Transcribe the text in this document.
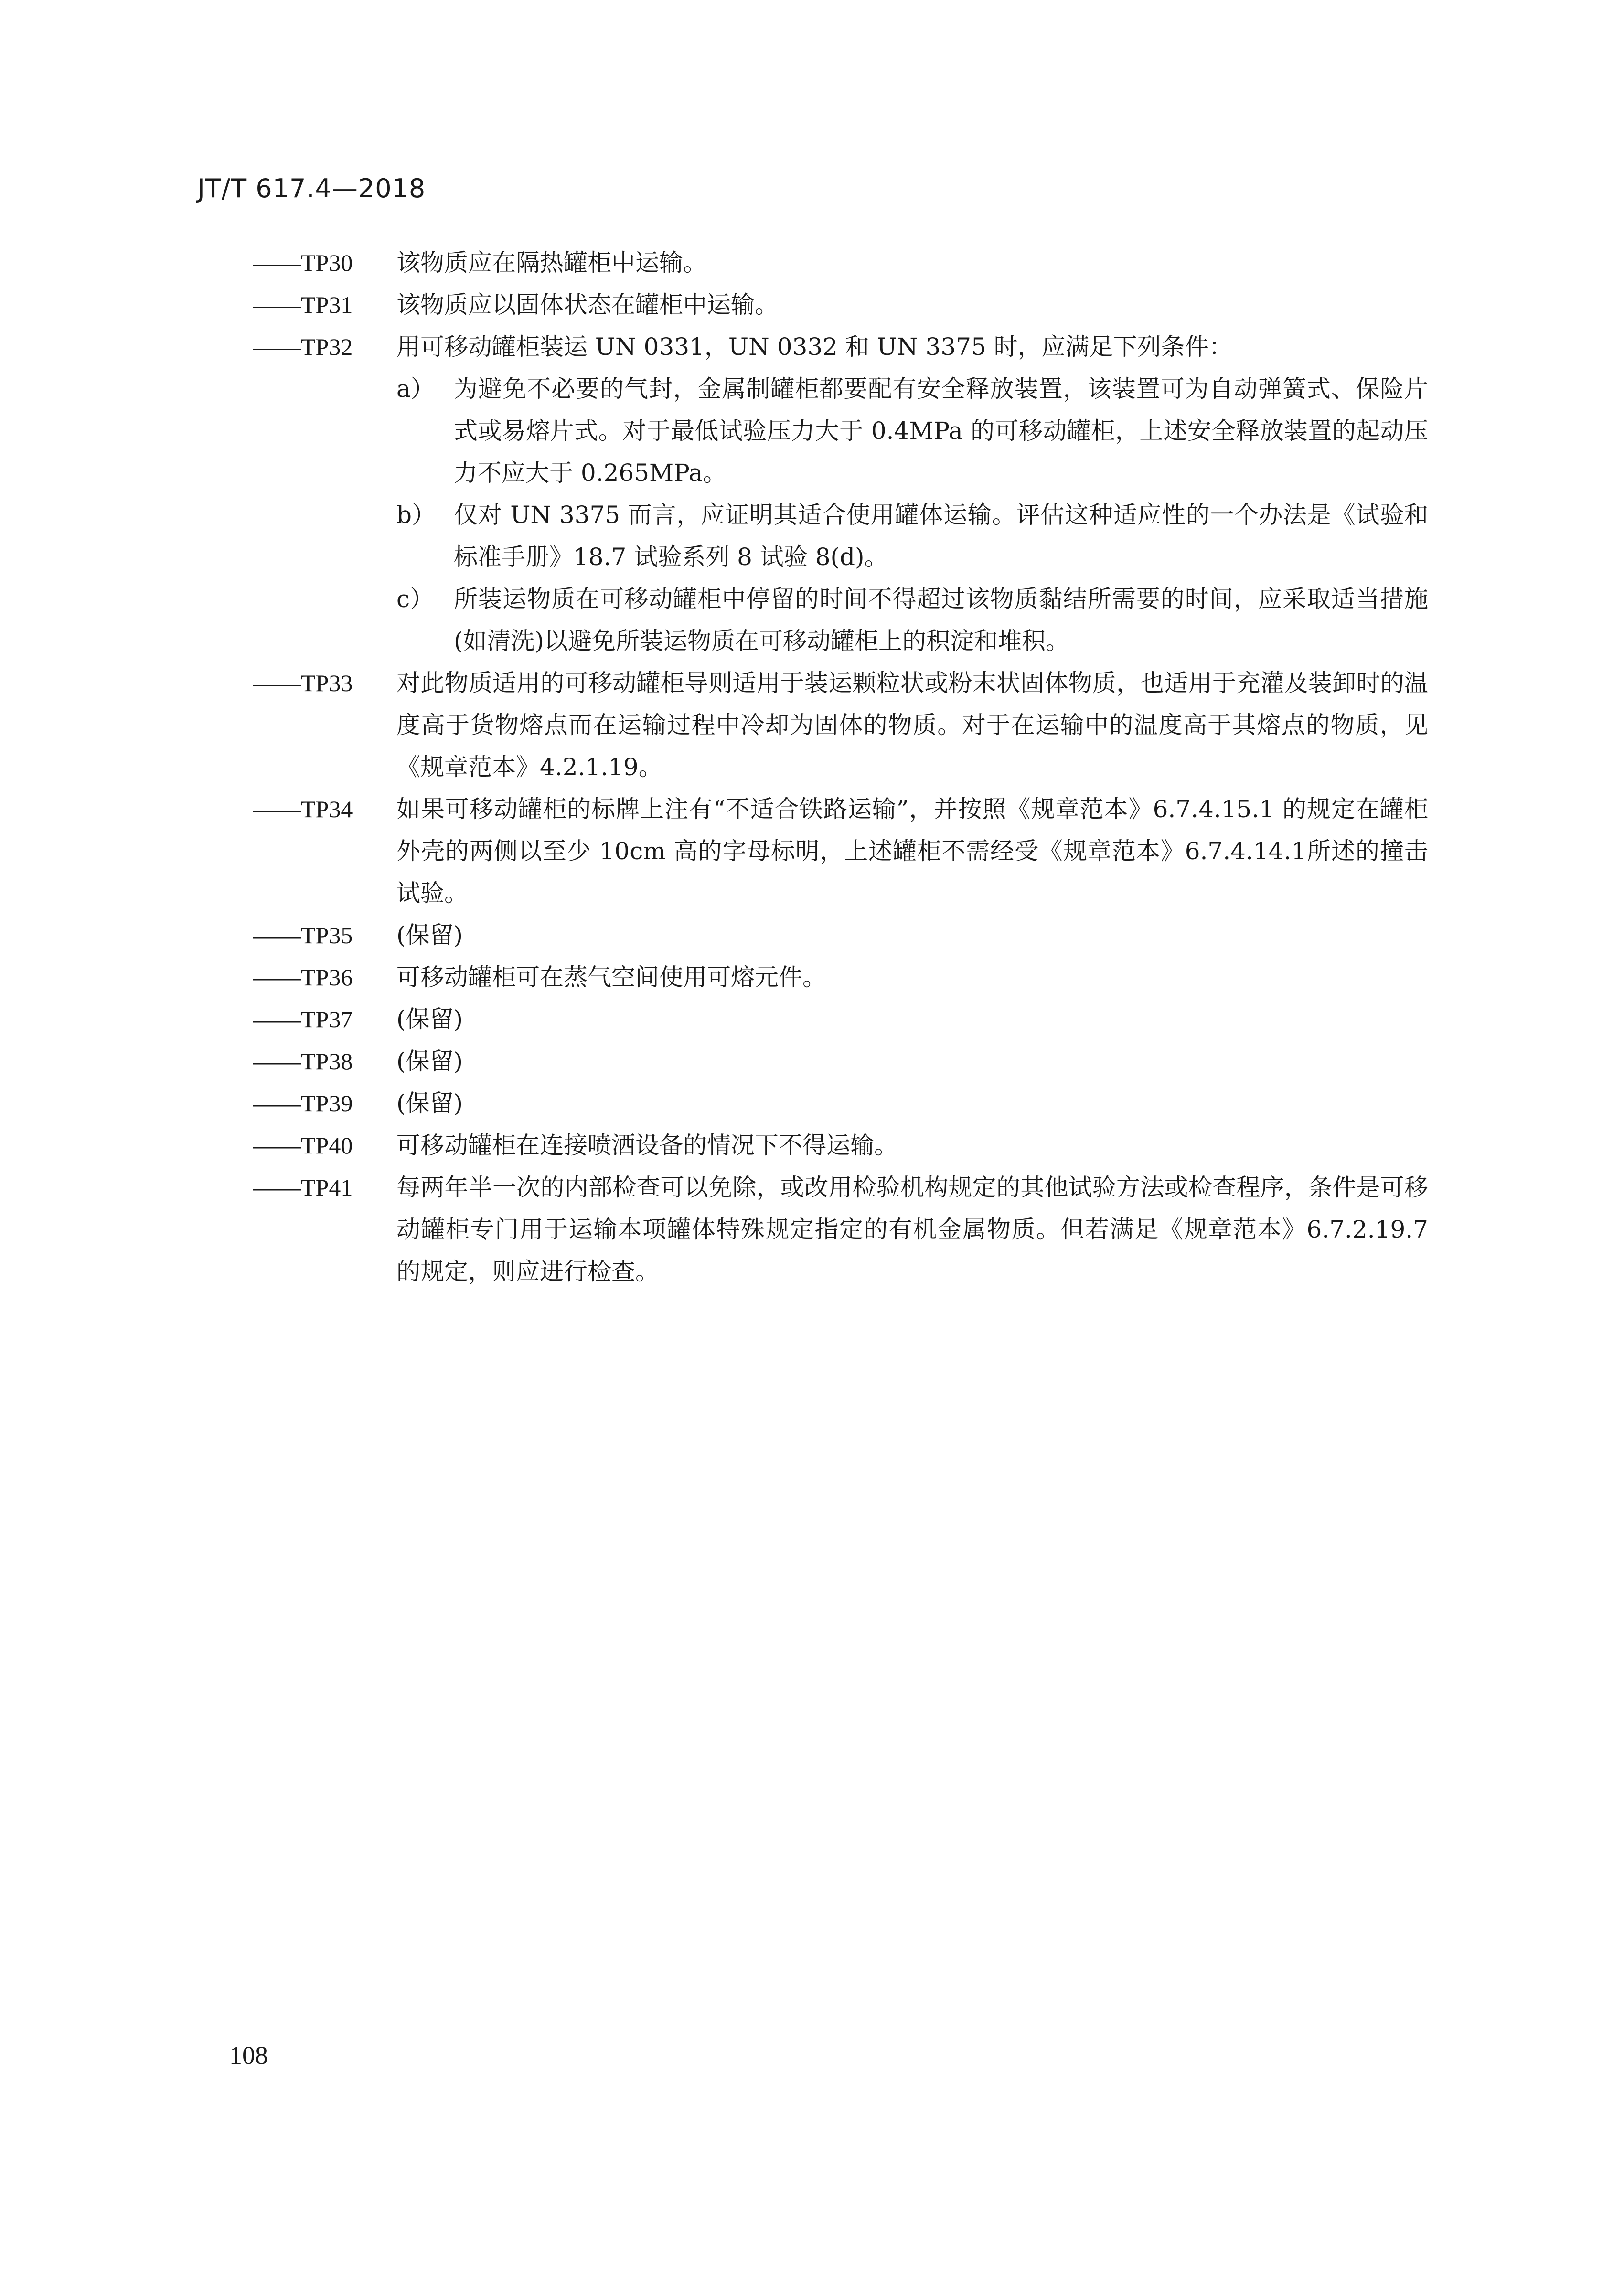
JT/T 617.4—2018
——TP30	该物质应在隔热罐柜中运输。
——TP31	该物质应以固体状态在罐柜中运输。
——TP32	用可移动罐柜装运 UN 0331，UN 0332 和 UN 3375 时，应满足下列条件：
a） 为避免不必要的气封，金属制罐柜都要配有安全释放装置，该装置可为自动弹簧式、保险片式或易熔片式。对于最低试验压力大于 0.4MPa 的可移动罐柜，上述安全释放装置的起动压力不应大于 0.265MPa。
b） 仅对 UN 3375 而言，应证明其适合使用罐体运输。评估这种适应性的一个办法是《试验和标准手册》18.7 试验系列 8 试验 8(d)。
c） 所装运物质在可移动罐柜中停留的时间不得超过该物质黏结所需要的时间，应采取适当措施(如清洗)以避免所装运物质在可移动罐柜上的积淀和堆积。
——TP33	对此物质适用的可移动罐柜导则适用于装运颗粒状或粉末状固体物质，也适用于充灌及装卸时的温度高于货物熔点而在运输过程中冷却为固体的物质。对于在运输中的温度高于其熔点的物质，见《规章范本》4.2.1.19。
——TP34	如果可移动罐柜的标牌上注有“不适合铁路运输”，并按照《规章范本》6.7.4.15.1 的规定在罐柜外壳的两侧以至少 10cm 高的字母标明，上述罐柜不需经受《规章范本》6.7.4.14.1所述的撞击试验。
——TP35	(保留)
——TP36	可移动罐柜可在蒸气空间使用可熔元件。
——TP37	(保留)
——TP38	(保留)
——TP39	(保留)
——TP40	可移动罐柜在连接喷洒设备的情况下不得运输。
——TP41	每两年半一次的内部检查可以免除，或改用检验机构规定的其他试验方法或检查程序，条件是可移动罐柜专门用于运输本项罐体特殊规定指定的有机金属物质。但若满足《规章范本》6.7.2.19.7 的规定，则应进行检查。
108
